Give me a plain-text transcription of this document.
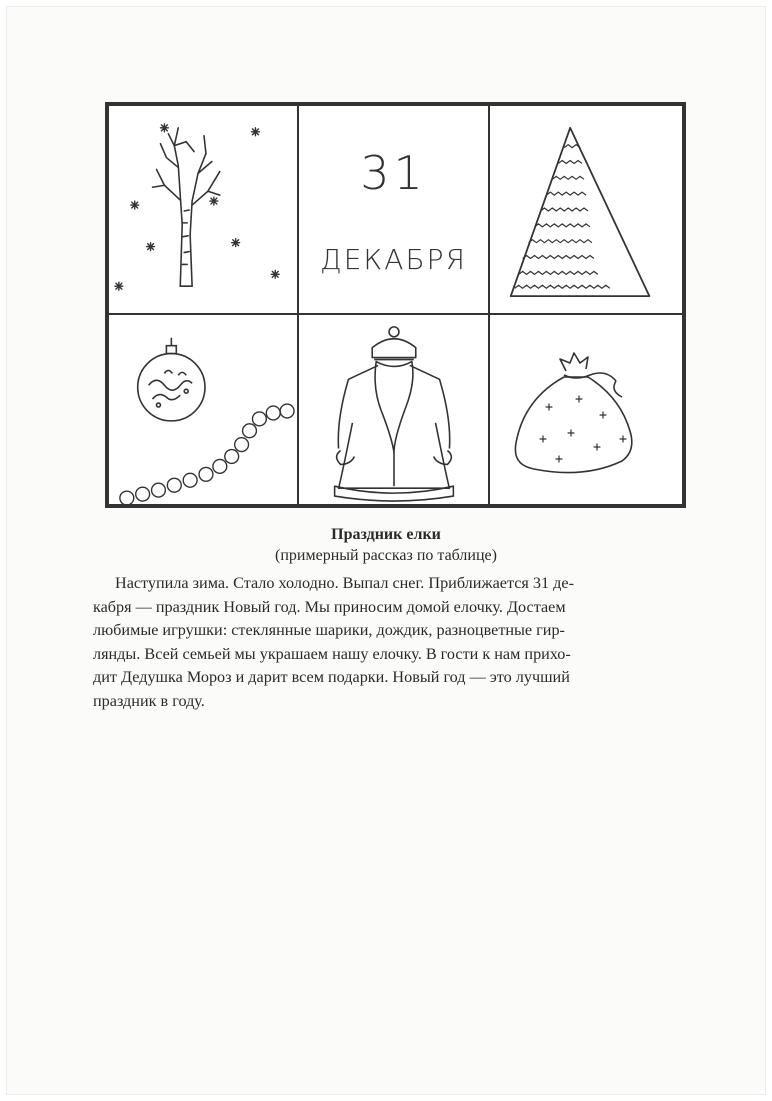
31
ДЕКАБРЯ
Праздник елки
(примерный рассказ по таблице)
Наступила зима. Стало холодно. Выпал снег. Приближается 31 де-
кабря — праздник Новый год. Мы приносим домой елочку. Достаем
любимые игрушки: стеклянные шарики, дождик, разноцветные гир-
лянды. Всей семьей мы украшаем нашу елочку. В гости к нам прихо-
дит Дедушка Мороз и дарит всем подарки. Новый год — это лучший
праздник в году.
